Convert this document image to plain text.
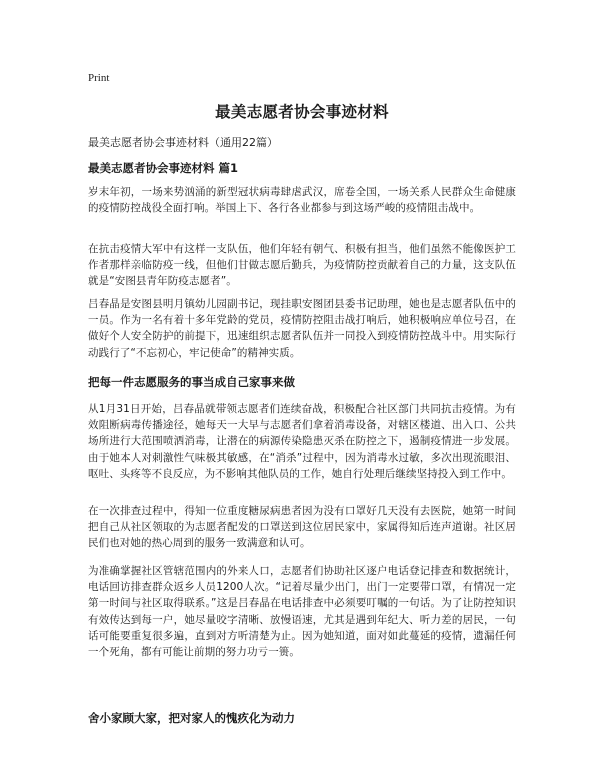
Print
最美志愿者协会事迹材料
最美志愿者协会事迹材料（通用22篇）
最美志愿者协会事迹材料 篇1
岁末年初，一场来势汹涌的新型冠状病毒肆虐武汉，席卷全国，一场关系人民群众生命健康的疫情防控战役全面打响。举国上下、各行各业都参与到这场严峻的疫情阻击战中。
在抗击疫情大军中有这样一支队伍，他们年轻有朝气、积极有担当，他们虽然不能像医护工作者那样亲临防疫一线，但他们甘做志愿后勤兵，为疫情防控贡献着自己的力量，这支队伍就是“安图县青年防疫志愿者”。
吕春晶是安图县明月镇幼儿园副书记，现挂职安图团县委书记助理，她也是志愿者队伍中的一员。作为一名有着十多年党龄的党员，疫情防控阻击战打响后，她积极响应单位号召，在做好个人安全防护的前提下，迅速组织志愿者队伍并一同投入到疫情防控战斗中。用实际行动践行了“不忘初心，牢记使命”的精神实质。
把每一件志愿服务的事当成自己家事来做
从1月31日开始，吕春晶就带领志愿者们连续奋战，积极配合社区部门共同抗击疫情。为有效阻断病毒传播途径，她每天一大早与志愿者们拿着消毒设备，对辖区楼道、出入口、公共场所进行大范围喷洒消毒，让潜在的病源传染隐患灭杀在防控之下，遏制疫情进一步发展。由于她本人对刺激性气味极其敏感，在“消杀”过程中，因为消毒水过敏，多次出现流眼泪、呕吐、头疼等不良反应，为不影响其他队员的工作，她自行处理后继续坚持投入到工作中。
在一次排查过程中，得知一位重度糖尿病患者因为没有口罩好几天没有去医院，她第一时间把自己从社区领取的为志愿者配发的口罩送到这位居民家中，家属得知后连声道谢。社区居民们也对她的热心周到的服务一致满意和认可。
为准确掌握社区管辖范围内的外来人口，志愿者们协助社区逐户电话登记排查和数据统计，电话回访排查群众返乡人员1200人次。“记着尽量少出门，出门一定要带口罩，有情况一定第一时间与社区取得联系。”这是吕春晶在电话排查中必须要叮嘱的一句话。为了让防控知识有效传达到每一户，她尽量咬字清晰、放慢语速，尤其是遇到年纪大、听力差的居民，一句话可能要重复很多遍，直到对方听清楚为止。因为她知道，面对如此蔓延的疫情，遗漏任何一个死角，都有可能让前期的努力功亏一篑。
舍小家顾大家，把对家人的愧疚化为动力
